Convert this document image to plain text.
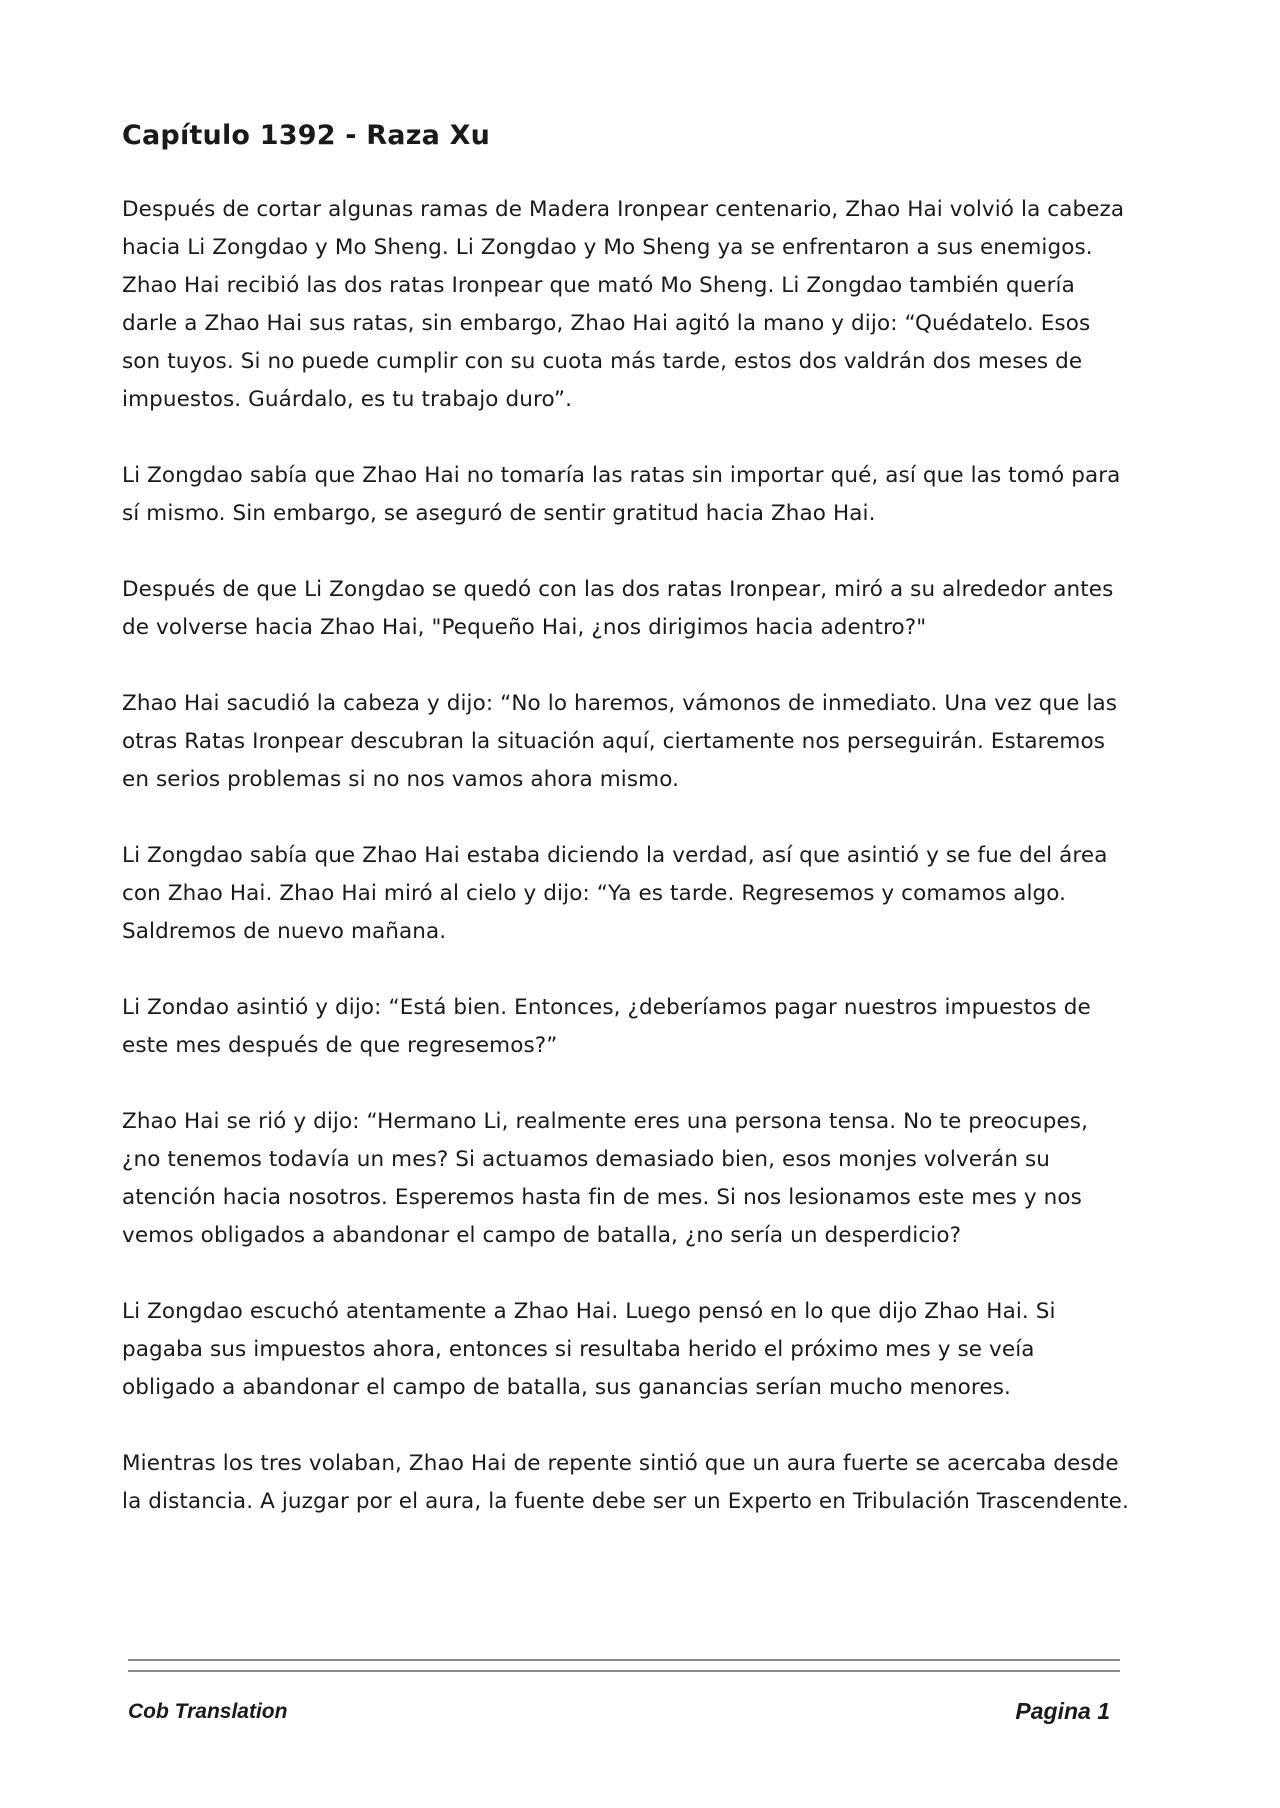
Capítulo 1392 - Raza Xu

Después de cortar algunas ramas de Madera Ironpear centenario, Zhao Hai volvió la cabeza hacia Li Zongdao y Mo Sheng. Li Zongdao y Mo Sheng ya se enfrentaron a sus enemigos. Zhao Hai recibió las dos ratas Ironpear que mató Mo Sheng. Li Zongdao también quería darle a Zhao Hai sus ratas, sin embargo, Zhao Hai agitó la mano y dijo: “Quédatelo. Esos son tuyos. Si no puede cumplir con su cuota más tarde, estos dos valdrán dos meses de impuestos. Guárdalo, es tu trabajo duro”.

Li Zongdao sabía que Zhao Hai no tomaría las ratas sin importar qué, así que las tomó para sí mismo. Sin embargo, se aseguró de sentir gratitud hacia Zhao Hai.

Después de que Li Zongdao se quedó con las dos ratas Ironpear, miró a su alrededor antes de volverse hacia Zhao Hai, "Pequeño Hai, ¿nos dirigimos hacia adentro?"

Zhao Hai sacudió la cabeza y dijo: “No lo haremos, vámonos de inmediato. Una vez que las otras Ratas Ironpear descubran la situación aquí, ciertamente nos perseguirán. Estaremos en serios problemas si no nos vamos ahora mismo.

Li Zongdao sabía que Zhao Hai estaba diciendo la verdad, así que asintió y se fue del área con Zhao Hai. Zhao Hai miró al cielo y dijo: “Ya es tarde. Regresemos y comamos algo. Saldremos de nuevo mañana.

Li Zondao asintió y dijo: “Está bien. Entonces, ¿deberíamos pagar nuestros impuestos de este mes después de que regresemos?”

Zhao Hai se rió y dijo: “Hermano Li, realmente eres una persona tensa. No te preocupes, ¿no tenemos todavía un mes? Si actuamos demasiado bien, esos monjes volverán su atención hacia nosotros. Esperemos hasta fin de mes. Si nos lesionamos este mes y nos vemos obligados a abandonar el campo de batalla, ¿no sería un desperdicio?

Li Zongdao escuchó atentamente a Zhao Hai. Luego pensó en lo que dijo Zhao Hai. Si pagaba sus impuestos ahora, entonces si resultaba herido el próximo mes y se veía obligado a abandonar el campo de batalla, sus ganancias serían mucho menores.

Mientras los tres volaban, Zhao Hai de repente sintió que un aura fuerte se acercaba desde la distancia. A juzgar por el aura, la fuente debe ser un Experto en Tribulación Trascendente.

Cob Translation	Pagina 1
